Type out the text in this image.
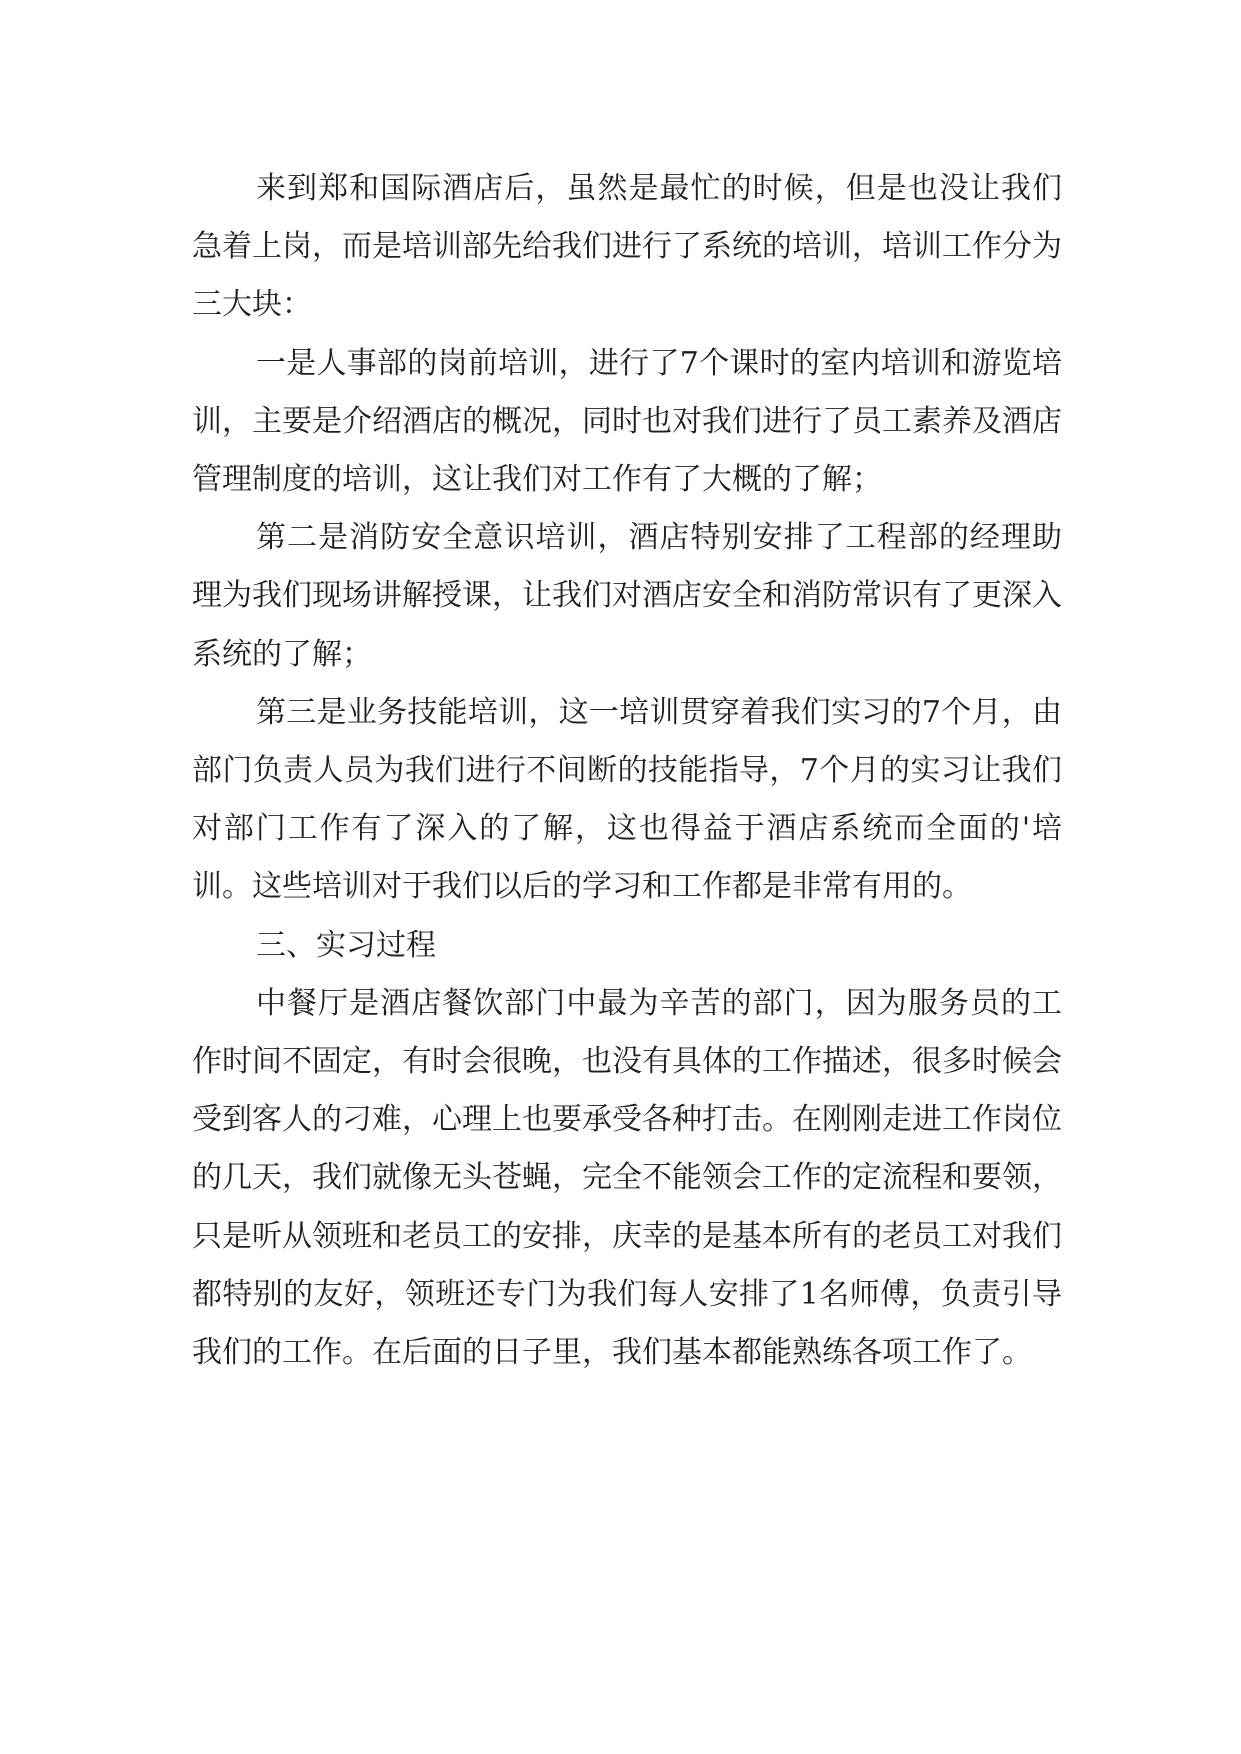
来到郑和国际酒店后，虽然是最忙的时候，但是也没让我们急着上岗，而是培训部先给我们进行了系统的培训，培训工作分为三大块：

一是人事部的岗前培训，进行了7个课时的室内培训和游览培训，主要是介绍酒店的概况，同时也对我们进行了员工素养及酒店管理制度的培训，这让我们对工作有了大概的了解；

第二是消防安全意识培训，酒店特别安排了工程部的经理助理为我们现场讲解授课，让我们对酒店安全和消防常识有了更深入系统的了解；

第三是业务技能培训，这一培训贯穿着我们实习的7个月，由部门负责人员为我们进行不间断的技能指导，7个月的实习让我们对部门工作有了深入的了解，这也得益于酒店系统而全面的'培训。这些培训对于我们以后的学习和工作都是非常有用的。

三、实习过程

中餐厅是酒店餐饮部门中最为辛苦的部门，因为服务员的工作时间不固定，有时会很晚，也没有具体的工作描述，很多时候会受到客人的刁难，心理上也要承受各种打击。在刚刚走进工作岗位的几天，我们就像无头苍蝇，完全不能领会工作的定流程和要领，只是听从领班和老员工的安排，庆幸的是基本所有的老员工对我们都特别的友好，领班还专门为我们每人安排了1名师傅，负责引导我们的工作。在后面的日子里，我们基本都能熟练各项工作了。
